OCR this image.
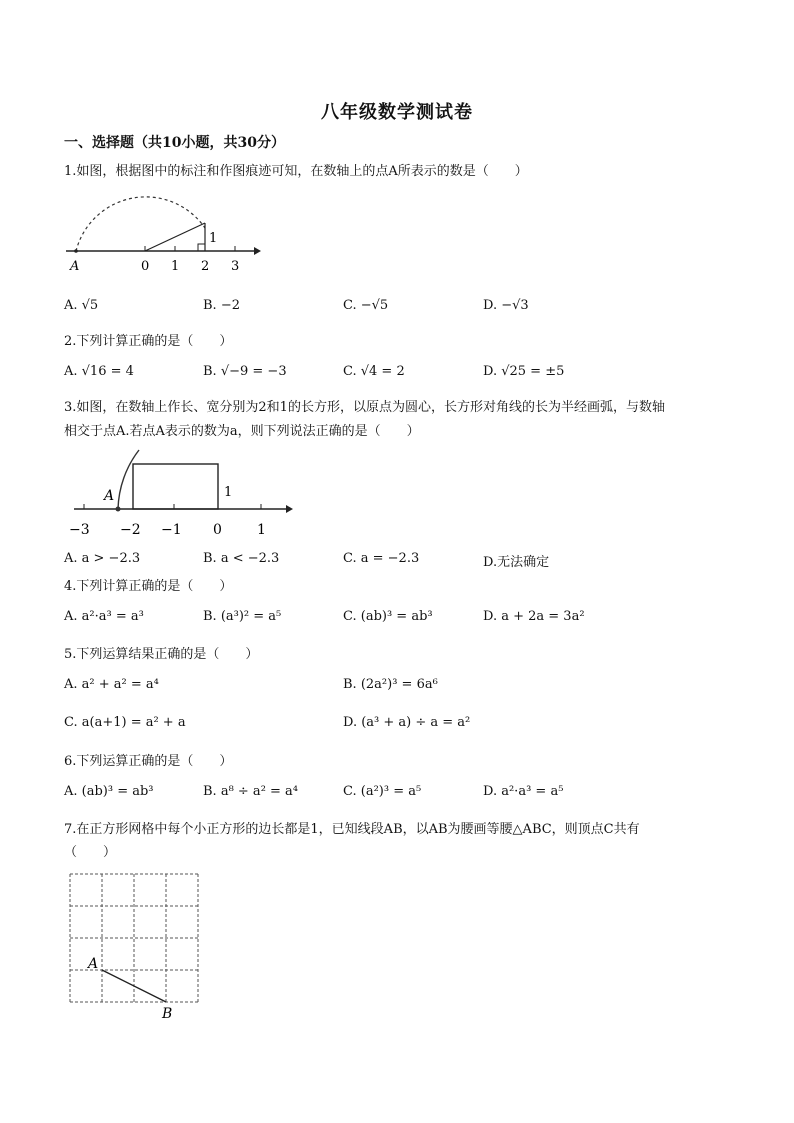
八年级数学测试卷
一、选择题（共10小题，共30分）
1.如图，根据图中的标注和作图痕迹可知，在数轴上的点A所表示的数是（　　）
A	0 1 2 3
1
A. √5	B. −2	C. −√5	D. −√3
2.下列计算正确的是（　　）
A. √16 = 4	B. √−9 = −3	C. √4 = 2	D. √25 = ±5
3.如图，在数轴上作长、宽分别为2和1的长方形，以原点为圆心，长方形对角线的长为半经画弧，与数轴
相交于点A.若点A表示的数为a，则下列说法正确的是（　　）
A	1
−3 −2 −1 0	1
A. a > −2.3	B. a < −2.3	C. a = −2.3	D.无法确定
4.下列计算正确的是（　　）
A. a²·a³ = a³	B. (a³)² = a⁵	C. (ab)³ = ab³	D. a + 2a = 3a²
5.下列运算结果正确的是（　　）
A. a² + a² = a⁴	B. (2a²)³ = 6a⁶
C. a(a+1) = a² + a	D. (a³ + a) ÷ a = a²
6.下列运算正确的是（　　）
A. (ab)³ = ab³	B. a⁸ ÷ a² = a⁴	C. (a²)³ = a⁵	D. a²·a³ = a⁵
7.在正方形网格中每个小正方形的边长都是1，已知线段AB，以AB为腰画等腰△ABC，则顶点C共有
（　　）
A
B
